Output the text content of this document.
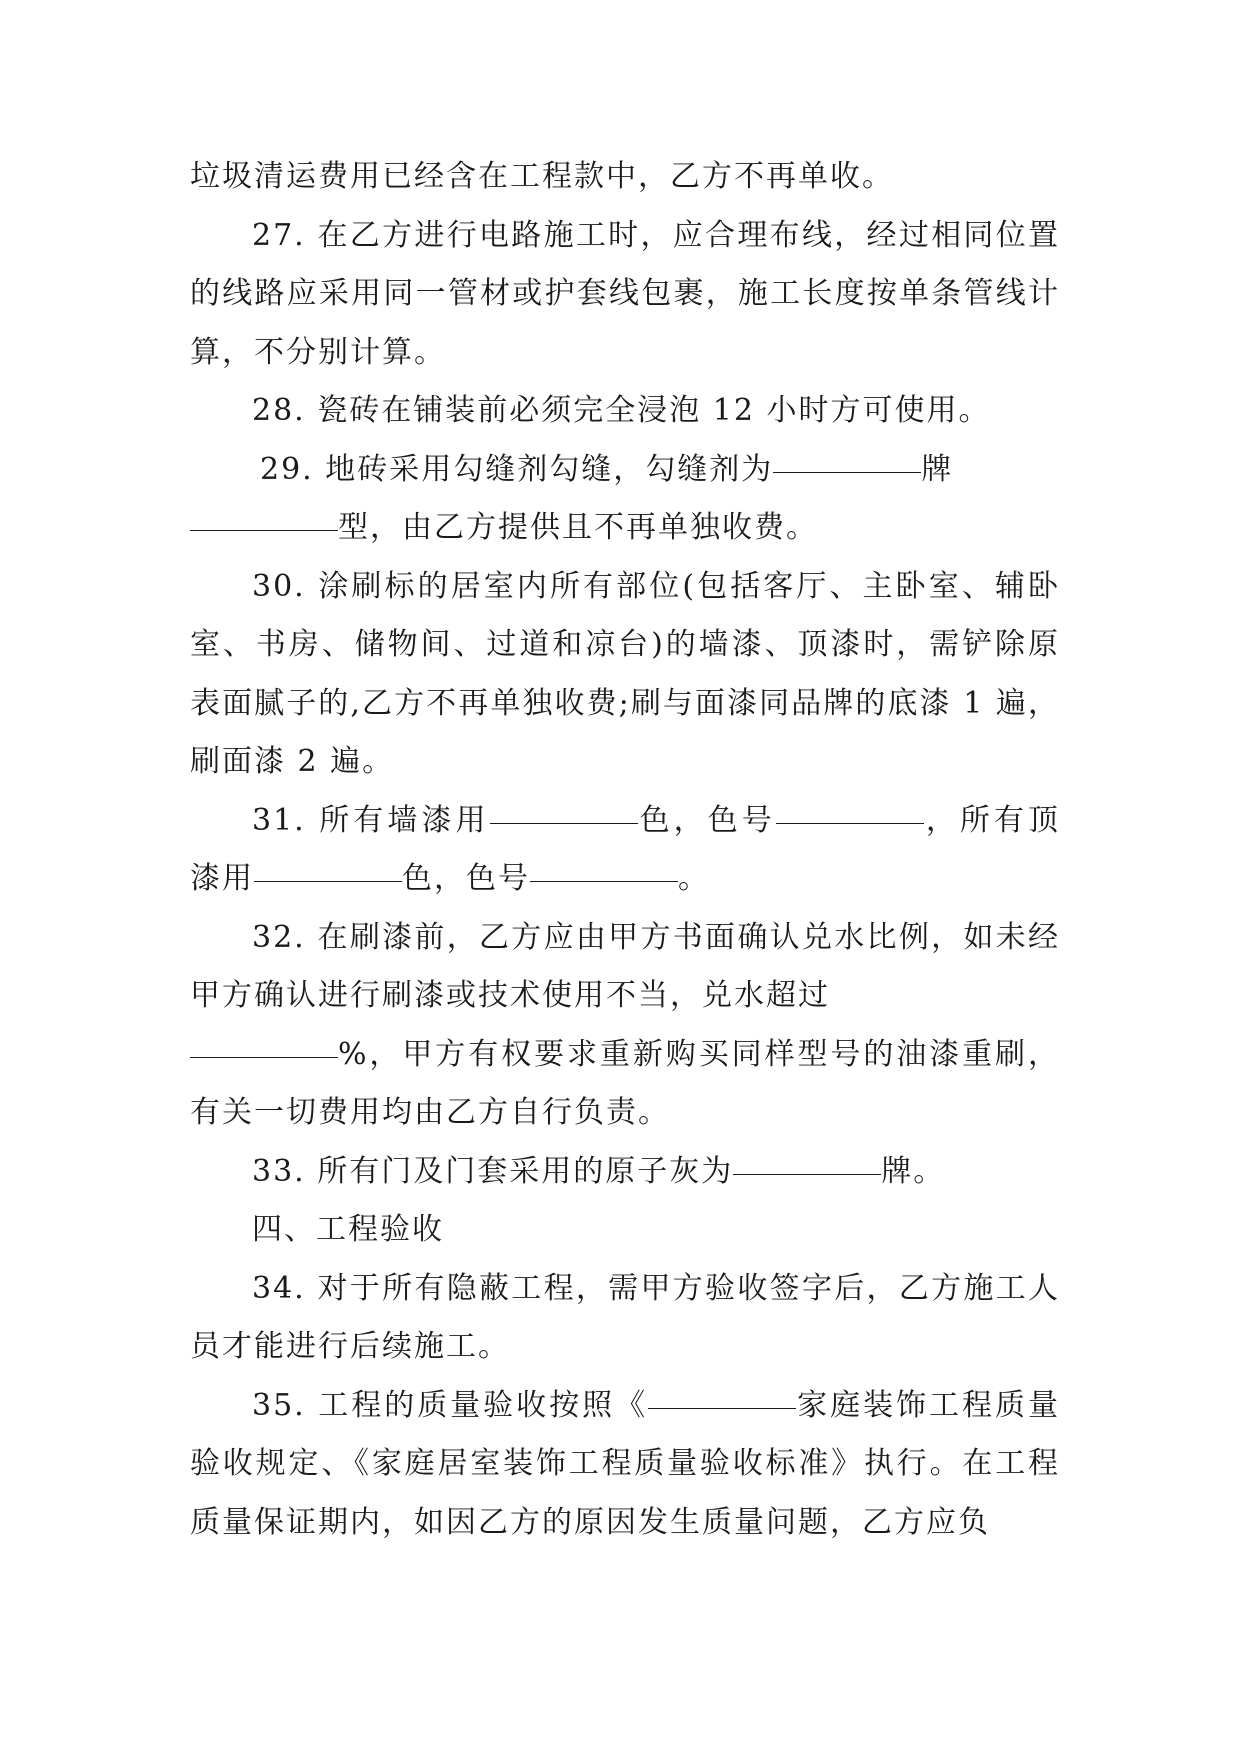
垃圾清运费用已经含在工程款中，乙方不再单收。

27. 在乙方进行电路施工时，应合理布线，经过相同位置的线路应采用同一管材或护套线包裹，施工长度按单条管线计算，不分别计算。

28. 瓷砖在铺装前必须完全浸泡 12 小时方可使用。

29. 地砖采用勾缝剂勾缝，勾缝剂为	牌
型，由乙方提供且不再单独收费。

30. 涂刷标的居室内所有部位(包括客厅、主卧室、辅卧室、书房、储物间、过道和凉台)的墙漆、顶漆时，需铲除原表面腻子的,乙方不再单独收费;刷与面漆同品牌的底漆 1 遍，刷面漆 2 遍。

31. 所有墙漆用	色，色号	，所有顶漆用	色，色号	。

32. 在刷漆前，乙方应由甲方书面确认兑水比例，如未经甲方确认进行刷漆或技术使用不当，兑水超过
%，甲方有权要求重新购买同样型号的油漆重刷，有关一切费用均由乙方自行负责。

33. 所有门及门套采用的原子灰为	牌。

四、工程验收

34. 对于所有隐蔽工程，需甲方验收签字后，乙方施工人员才能进行后续施工。

35. 工程的质量验收按照《	家庭装饰工程质量验收规定、《家庭居室装饰工程质量验收标准》执行。在工程质量保证期内，如因乙方的原因发生质量问题，乙方应负
